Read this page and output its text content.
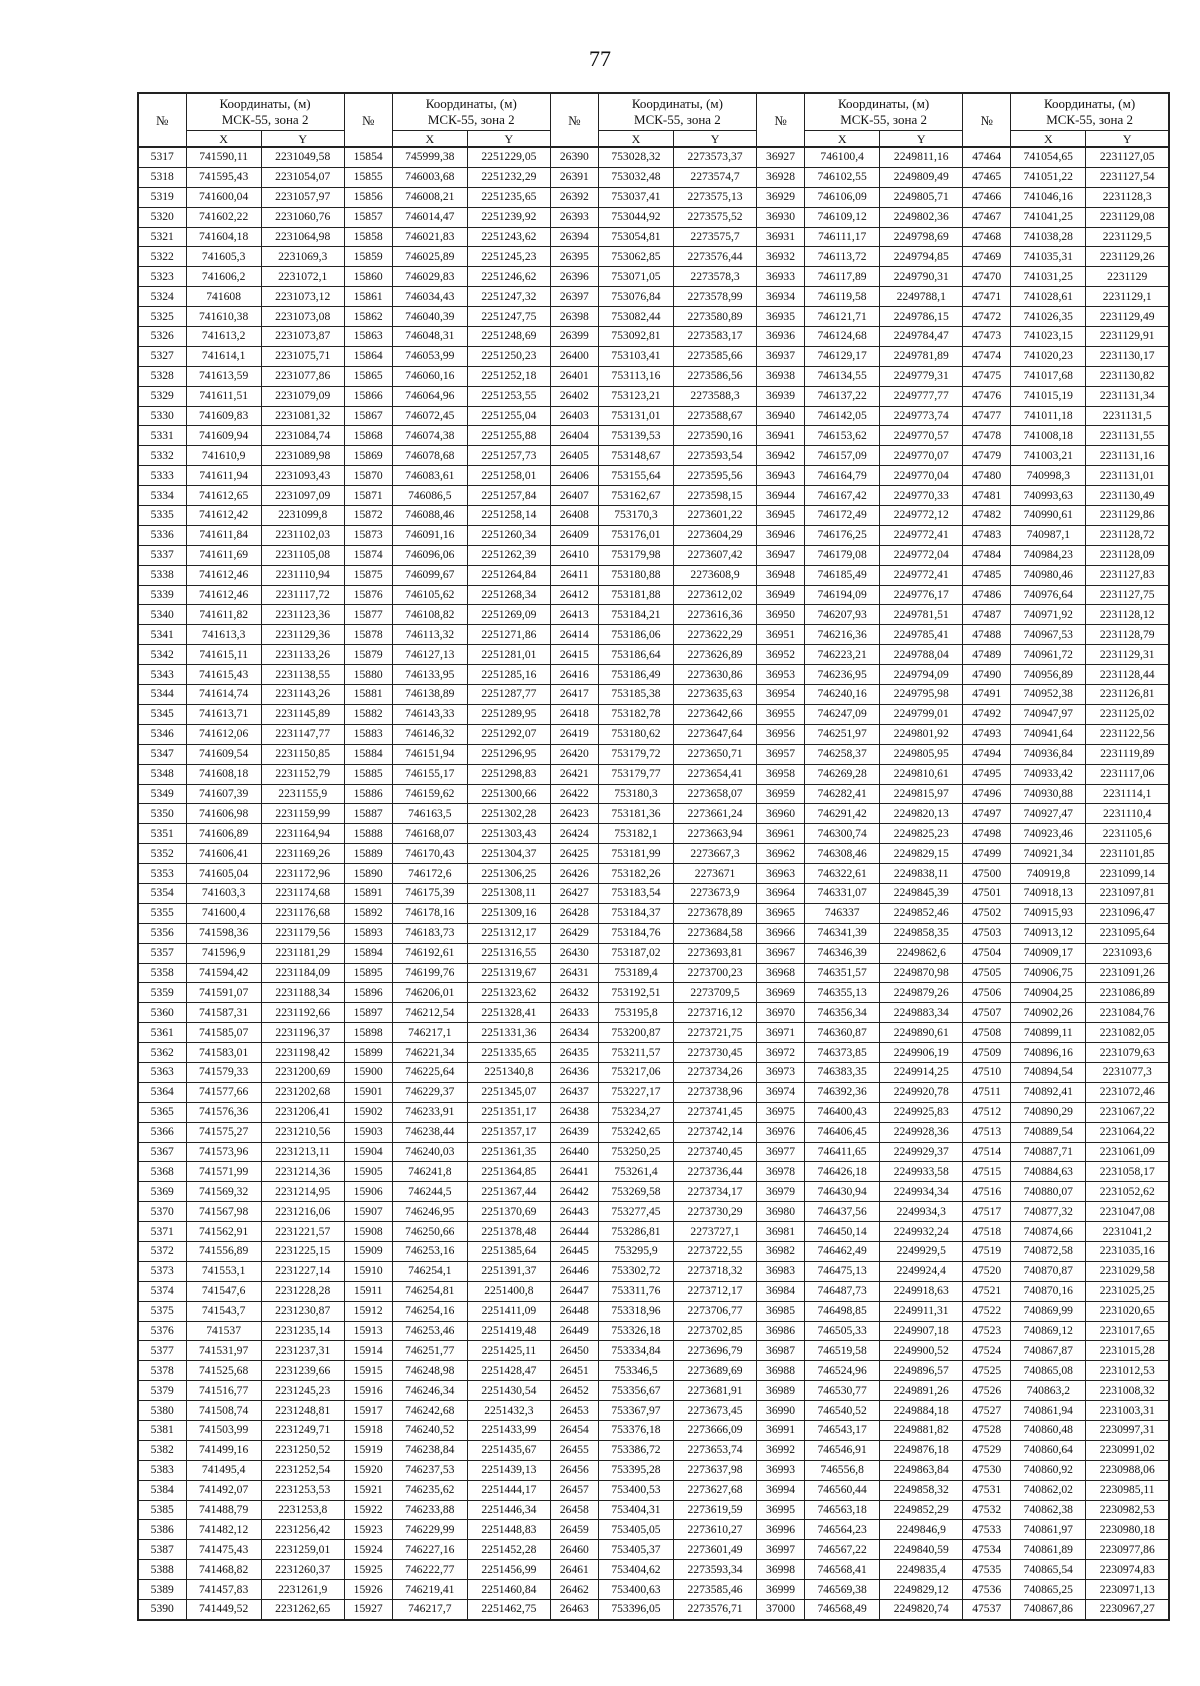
77
№	Координаты, (м)
МСК-55, зона 2		№	Координаты, (м)
МСК-55, зона 2		№	Координаты, (м)
МСК-55, зона 2		№	Координаты, (м)
МСК-55, зона 2		№	Координаты, (м)
МСК-55, зона 2	
	X	Y		X	Y		X	Y		X	Y		X	Y
5317	741590,11	2231049,58	15854	745999,38	2251229,05	26390	753028,32	2273573,37	36927	746100,4	2249811,16	47464	741054,65	2231127,05
5318	741595,43	2231054,07	15855	746003,68	2251232,29	26391	753032,48	2273574,7	36928	746102,55	2249809,49	47465	741051,22	2231127,54
5319	741600,04	2231057,97	15856	746008,21	2251235,65	26392	753037,41	2273575,13	36929	746106,09	2249805,71	47466	741046,16	2231128,3
5320	741602,22	2231060,76	15857	746014,47	2251239,92	26393	753044,92	2273575,52	36930	746109,12	2249802,36	47467	741041,25	2231129,08
5321	741604,18	2231064,98	15858	746021,83	2251243,62	26394	753054,81	2273575,7	36931	746111,17	2249798,69	47468	741038,28	2231129,5
5322	741605,3	2231069,3	15859	746025,89	2251245,23	26395	753062,85	2273576,44	36932	746113,72	2249794,85	47469	741035,31	2231129,26
5323	741606,2	2231072,1	15860	746029,83	2251246,62	26396	753071,05	2273578,3	36933	746117,89	2249790,31	47470	741031,25	2231129
5324	741608	2231073,12	15861	746034,43	2251247,32	26397	753076,84	2273578,99	36934	746119,58	2249788,1	47471	741028,61	2231129,1
5325	741610,38	2231073,08	15862	746040,39	2251247,75	26398	753082,44	2273580,89	36935	746121,71	2249786,15	47472	741026,35	2231129,49
5326	741613,2	2231073,87	15863	746048,31	2251248,69	26399	753092,81	2273583,17	36936	746124,68	2249784,47	47473	741023,15	2231129,91
5327	741614,1	2231075,71	15864	746053,99	2251250,23	26400	753103,41	2273585,66	36937	746129,17	2249781,89	47474	741020,23	2231130,17
5328	741613,59	2231077,86	15865	746060,16	2251252,18	26401	753113,16	2273586,56	36938	746134,55	2249779,31	47475	741017,68	2231130,82
5329	741611,51	2231079,09	15866	746064,96	2251253,55	26402	753123,21	2273588,3	36939	746137,22	2249777,77	47476	741015,19	2231131,34
5330	741609,83	2231081,32	15867	746072,45	2251255,04	26403	753131,01	2273588,67	36940	746142,05	2249773,74	47477	741011,18	2231131,5
5331	741609,94	2231084,74	15868	746074,38	2251255,88	26404	753139,53	2273590,16	36941	746153,62	2249770,57	47478	741008,18	2231131,55
5332	741610,9	2231089,98	15869	746078,68	2251257,73	26405	753148,67	2273593,54	36942	746157,09	2249770,07	47479	741003,21	2231131,16
5333	741611,94	2231093,43	15870	746083,61	2251258,01	26406	753155,64	2273595,56	36943	746164,79	2249770,04	47480	740998,3	2231131,01
5334	741612,65	2231097,09	15871	746086,5	2251257,84	26407	753162,67	2273598,15	36944	746167,42	2249770,33	47481	740993,63	2231130,49
5335	741612,42	2231099,8	15872	746088,46	2251258,14	26408	753170,3	2273601,22	36945	746172,49	2249772,12	47482	740990,61	2231129,86
5336	741611,84	2231102,03	15873	746091,16	2251260,34	26409	753176,01	2273604,29	36946	746176,25	2249772,41	47483	740987,1	2231128,72
5337	741611,69	2231105,08	15874	746096,06	2251262,39	26410	753179,98	2273607,42	36947	746179,08	2249772,04	47484	740984,23	2231128,09
5338	741612,46	2231110,94	15875	746099,67	2251264,84	26411	753180,88	2273608,9	36948	746185,49	2249772,41	47485	740980,46	2231127,83
5339	741612,46	2231117,72	15876	746105,62	2251268,34	26412	753181,88	2273612,02	36949	746194,09	2249776,17	47486	740976,64	2231127,75
5340	741611,82	2231123,36	15877	746108,82	2251269,09	26413	753184,21	2273616,36	36950	746207,93	2249781,51	47487	740971,92	2231128,12
5341	741613,3	2231129,36	15878	746113,32	2251271,86	26414	753186,06	2273622,29	36951	746216,36	2249785,41	47488	740967,53	2231128,79
5342	741615,11	2231133,26	15879	746127,13	2251281,01	26415	753186,64	2273626,89	36952	746223,21	2249788,04	47489	740961,72	2231129,31
5343	741615,43	2231138,55	15880	746133,95	2251285,16	26416	753186,49	2273630,86	36953	746236,95	2249794,09	47490	740956,89	2231128,44
5344	741614,74	2231143,26	15881	746138,89	2251287,77	26417	753185,38	2273635,63	36954	746240,16	2249795,98	47491	740952,38	2231126,81
5345	741613,71	2231145,89	15882	746143,33	2251289,95	26418	753182,78	2273642,66	36955	746247,09	2249799,01	47492	740947,97	2231125,02
5346	741612,06	2231147,77	15883	746146,32	2251292,07	26419	753180,62	2273647,64	36956	746251,97	2249801,92	47493	740941,64	2231122,56
5347	741609,54	2231150,85	15884	746151,94	2251296,95	26420	753179,72	2273650,71	36957	746258,37	2249805,95	47494	740936,84	2231119,89
5348	741608,18	2231152,79	15885	746155,17	2251298,83	26421	753179,77	2273654,41	36958	746269,28	2249810,61	47495	740933,42	2231117,06
5349	741607,39	2231155,9	15886	746159,62	2251300,66	26422	753180,3	2273658,07	36959	746282,41	2249815,97	47496	740930,88	2231114,1
5350	741606,98	2231159,99	15887	746163,5	2251302,28	26423	753181,36	2273661,24	36960	746291,42	2249820,13	47497	740927,47	2231110,4
5351	741606,89	2231164,94	15888	746168,07	2251303,43	26424	753182,1	2273663,94	36961	746300,74	2249825,23	47498	740923,46	2231105,6
5352	741606,41	2231169,26	15889	746170,43	2251304,37	26425	753181,99	2273667,3	36962	746308,46	2249829,15	47499	740921,34	2231101,85
5353	741605,04	2231172,96	15890	746172,6	2251306,25	26426	753182,26	2273671	36963	746322,61	2249838,11	47500	740919,8	2231099,14
5354	741603,3	2231174,68	15891	746175,39	2251308,11	26427	753183,54	2273673,9	36964	746331,07	2249845,39	47501	740918,13	2231097,81
5355	741600,4	2231176,68	15892	746178,16	2251309,16	26428	753184,37	2273678,89	36965	746337	2249852,46	47502	740915,93	2231096,47
5356	741598,36	2231179,56	15893	746183,73	2251312,17	26429	753184,76	2273684,58	36966	746341,39	2249858,35	47503	740913,12	2231095,64
5357	741596,9	2231181,29	15894	746192,61	2251316,55	26430	753187,02	2273693,81	36967	746346,39	2249862,6	47504	740909,17	2231093,6
5358	741594,42	2231184,09	15895	746199,76	2251319,67	26431	753189,4	2273700,23	36968	746351,57	2249870,98	47505	740906,75	2231091,26
5359	741591,07	2231188,34	15896	746206,01	2251323,62	26432	753192,51	2273709,5	36969	746355,13	2249879,26	47506	740904,25	2231086,89
5360	741587,31	2231192,66	15897	746212,54	2251328,41	26433	753195,8	2273716,12	36970	746356,34	2249883,34	47507	740902,26	2231084,76
5361	741585,07	2231196,37	15898	746217,1	2251331,36	26434	753200,87	2273721,75	36971	746360,87	2249890,61	47508	740899,11	2231082,05
5362	741583,01	2231198,42	15899	746221,34	2251335,65	26435	753211,57	2273730,45	36972	746373,85	2249906,19	47509	740896,16	2231079,63
5363	741579,33	2231200,69	15900	746225,64	2251340,8	26436	753217,06	2273734,26	36973	746383,35	2249914,25	47510	740894,54	2231077,3
5364	741577,66	2231202,68	15901	746229,37	2251345,07	26437	753227,17	2273738,96	36974	746392,36	2249920,78	47511	740892,41	2231072,46
5365	741576,36	2231206,41	15902	746233,91	2251351,17	26438	753234,27	2273741,45	36975	746400,43	2249925,83	47512	740890,29	2231067,22
5366	741575,27	2231210,56	15903	746238,44	2251357,17	26439	753242,65	2273742,14	36976	746406,45	2249928,36	47513	740889,54	2231064,22
5367	741573,96	2231213,11	15904	746240,03	2251361,35	26440	753250,25	2273740,45	36977	746411,65	2249929,37	47514	740887,71	2231061,09
5368	741571,99	2231214,36	15905	746241,8	2251364,85	26441	753261,4	2273736,44	36978	746426,18	2249933,58	47515	740884,63	2231058,17
5369	741569,32	2231214,95	15906	746244,5	2251367,44	26442	753269,58	2273734,17	36979	746430,94	2249934,34	47516	740880,07	2231052,62
5370	741567,98	2231216,06	15907	746246,95	2251370,69	26443	753277,45	2273730,29	36980	746437,56	2249934,3	47517	740877,32	2231047,08
5371	741562,91	2231221,57	15908	746250,66	2251378,48	26444	753286,81	2273727,1	36981	746450,14	2249932,24	47518	740874,66	2231041,2
5372	741556,89	2231225,15	15909	746253,16	2251385,64	26445	753295,9	2273722,55	36982	746462,49	2249929,5	47519	740872,58	2231035,16
5373	741553,1	2231227,14	15910	746254,1	2251391,37	26446	753302,72	2273718,32	36983	746475,13	2249924,4	47520	740870,87	2231029,58
5374	741547,6	2231228,28	15911	746254,81	2251400,8	26447	753311,76	2273712,17	36984	746487,73	2249918,63	47521	740870,16	2231025,25
5375	741543,7	2231230,87	15912	746254,16	2251411,09	26448	753318,96	2273706,77	36985	746498,85	2249911,31	47522	740869,99	2231020,65
5376	741537	2231235,14	15913	746253,46	2251419,48	26449	753326,18	2273702,85	36986	746505,33	2249907,18	47523	740869,12	2231017,65
5377	741531,97	2231237,31	15914	746251,77	2251425,11	26450	753334,84	2273696,79	36987	746519,58	2249900,52	47524	740867,87	2231015,28
5378	741525,68	2231239,66	15915	746248,98	2251428,47	26451	753346,5	2273689,69	36988	746524,96	2249896,57	47525	740865,08	2231012,53
5379	741516,77	2231245,23	15916	746246,34	2251430,54	26452	753356,67	2273681,91	36989	746530,77	2249891,26	47526	740863,2	2231008,32
5380	741508,74	2231248,81	15917	746242,68	2251432,3	26453	753367,97	2273673,45	36990	746540,52	2249884,18	47527	740861,94	2231003,31
5381	741503,99	2231249,71	15918	746240,52	2251433,99	26454	753376,18	2273666,09	36991	746543,17	2249881,82	47528	740860,48	2230997,31
5382	741499,16	2231250,52	15919	746238,84	2251435,67	26455	753386,72	2273653,74	36992	746546,91	2249876,18	47529	740860,64	2230991,02
5383	741495,4	2231252,54	15920	746237,53	2251439,13	26456	753395,28	2273637,98	36993	746556,8	2249863,84	47530	740860,92	2230988,06
5384	741492,07	2231253,53	15921	746235,62	2251444,17	26457	753400,53	2273627,68	36994	746560,44	2249858,32	47531	740862,02	2230985,11
5385	741488,79	2231253,8	15922	746233,88	2251446,34	26458	753404,31	2273619,59	36995	746563,18	2249852,29	47532	740862,38	2230982,53
5386	741482,12	2231256,42	15923	746229,99	2251448,83	26459	753405,05	2273610,27	36996	746564,23	2249846,9	47533	740861,97	2230980,18
5387	741475,43	2231259,01	15924	746227,16	2251452,28	26460	753405,37	2273601,49	36997	746567,22	2249840,59	47534	740861,89	2230977,86
5388	741468,82	2231260,37	15925	746222,77	2251456,99	26461	753404,62	2273593,34	36998	746568,41	2249835,4	47535	740865,54	2230974,83
5389	741457,83	2231261,9	15926	746219,41	2251460,84	26462	753400,63	2273585,46	36999	746569,38	2249829,12	47536	740865,25	2230971,13
5390	741449,52	2231262,65	15927	746217,7	2251462,75	26463	753396,05	2273576,71	37000	746568,49	2249820,74	47537	740867,86	2230967,27
